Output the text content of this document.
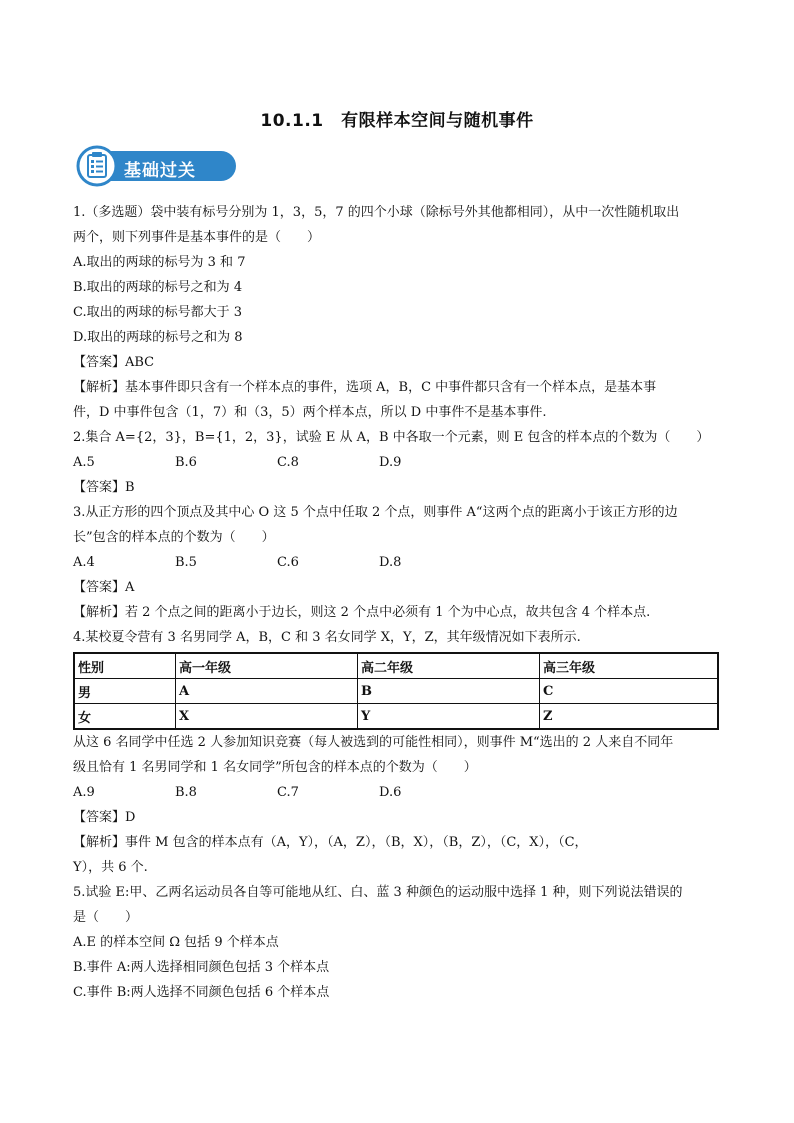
10.1.1　有限样本空间与随机事件
基础过关
1.（多选题）袋中装有标号分别为 1，3，5，7 的四个小球（除标号外其他都相同），从中一次性随机取出
两个，则下列事件是基本事件的是（　　）
A.取出的两球的标号为 3 和 7
B.取出的两球的标号之和为 4
C.取出的两球的标号都大于 3
D.取出的两球的标号之和为 8
【答案】ABC
【解析】基本事件即只含有一个样本点的事件，选项 A，B，C 中事件都只含有一个样本点，是基本事
件，D 中事件包含（1，7）和（3，5）两个样本点，所以 D 中事件不是基本事件.
2.集合 A={2，3}，B={1，2，3}，试验 E 从 A，B 中各取一个元素，则 E 包含的样本点的个数为（　　）
A.5	B.6	C.8	D.9
【答案】B
3.从正方形的四个顶点及其中心 O 这 5 个点中任取 2 个点，则事件 A“这两个点的距离小于该正方形的边
长”包含的样本点的个数为（　　）
A.4	B.5	C.6	D.8
【答案】A
【解析】若 2 个点之间的距离小于边长，则这 2 个点中必须有 1 个为中心点，故共包含 4 个样本点.
4.某校夏令营有 3 名男同学 A，B，C 和 3 名女同学 X，Y，Z，其年级情况如下表所示.
性别	高一年级	高二年级	高三年级
男	A	B	C
女	X	Y	Z
从这 6 名同学中任选 2 人参加知识竞赛（每人被选到的可能性相同），则事件 M“选出的 2 人来自不同年
级且恰有 1 名男同学和 1 名女同学”所包含的样本点的个数为（　　）
A.9	B.8	C.7	D.6
【答案】D
【解析】事件 M 包含的样本点有（A，Y），（A，Z），（B，X），（B，Z），（C，X），（C，
Y），共 6 个.
5.试验 E:甲、乙两名运动员各自等可能地从红、白、蓝 3 种颜色的运动服中选择 1 种，则下列说法错误的
是（　　）
A.E 的样本空间 Ω 包括 9 个样本点
B.事件 A:两人选择相同颜色包括 3 个样本点
C.事件 B:两人选择不同颜色包括 6 个样本点
